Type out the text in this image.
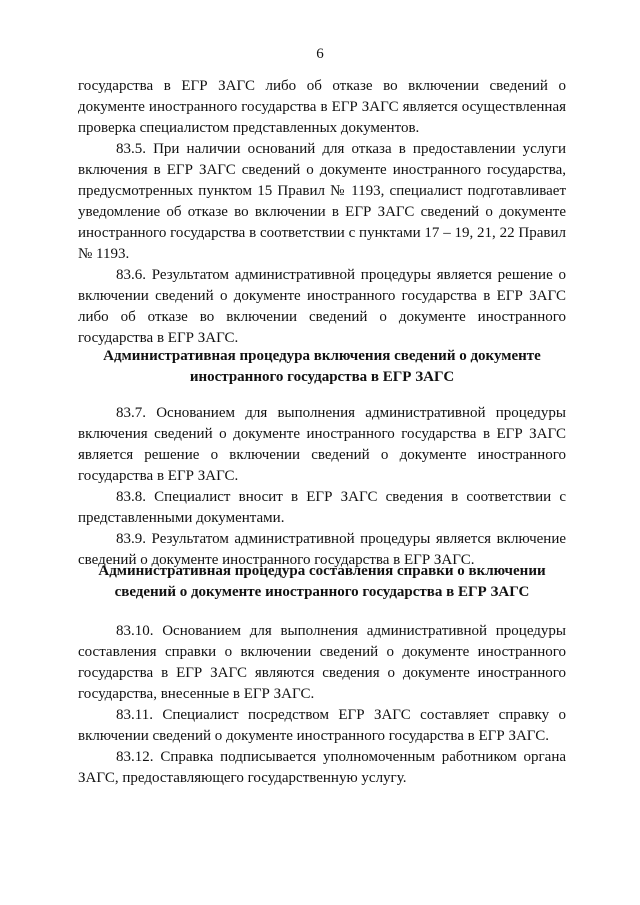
6

государства в ЕГР ЗАГС либо об отказе во включении сведений о документе иностранного государства в ЕГР ЗАГС является осуществленная проверка специалистом представленных документов.

83.5. При наличии оснований для отказа в предоставлении услуги включения в ЕГР ЗАГС сведений о документе иностранного государства, предусмотренных пунктом 15 Правил № 1193, специалист подготавливает уведомление об отказе во включении в ЕГР ЗАГС сведений о документе иностранного государства в соответствии с пунктами 17 – 19, 21, 22 Правил № 1193.

83.6. Результатом административной процедуры является решение о включении сведений о документе иностранного государства в ЕГР ЗАГС либо об отказе во включении сведений о документе иностранного государства в ЕГР ЗАГС.

Административная процедура включения сведений о документе
иностранного государства в ЕГР ЗАГС

83.7. Основанием для выполнения административной процедуры включения сведений о документе иностранного государства в ЕГР ЗАГС является решение о включении сведений о документе иностранного государства в ЕГР ЗАГС.

83.8. Специалист вносит в ЕГР ЗАГС сведения в соответствии с представленными документами.

83.9. Результатом административной процедуры является включение сведений о документе иностранного государства в ЕГР ЗАГС.

Административная процедура составления справки о включении
сведений о документе иностранного государства в ЕГР ЗАГС

83.10. Основанием для выполнения административной процедуры составления справки о включении сведений о документе иностранного государства в ЕГР ЗАГС являются сведения о документе иностранного государства, внесенные в ЕГР ЗАГС.

83.11. Специалист посредством ЕГР ЗАГС составляет справку о включении сведений о документе иностранного государства в ЕГР ЗАГС.

83.12. Справка подписывается уполномоченным работником органа ЗАГС, предоставляющего государственную услугу.
